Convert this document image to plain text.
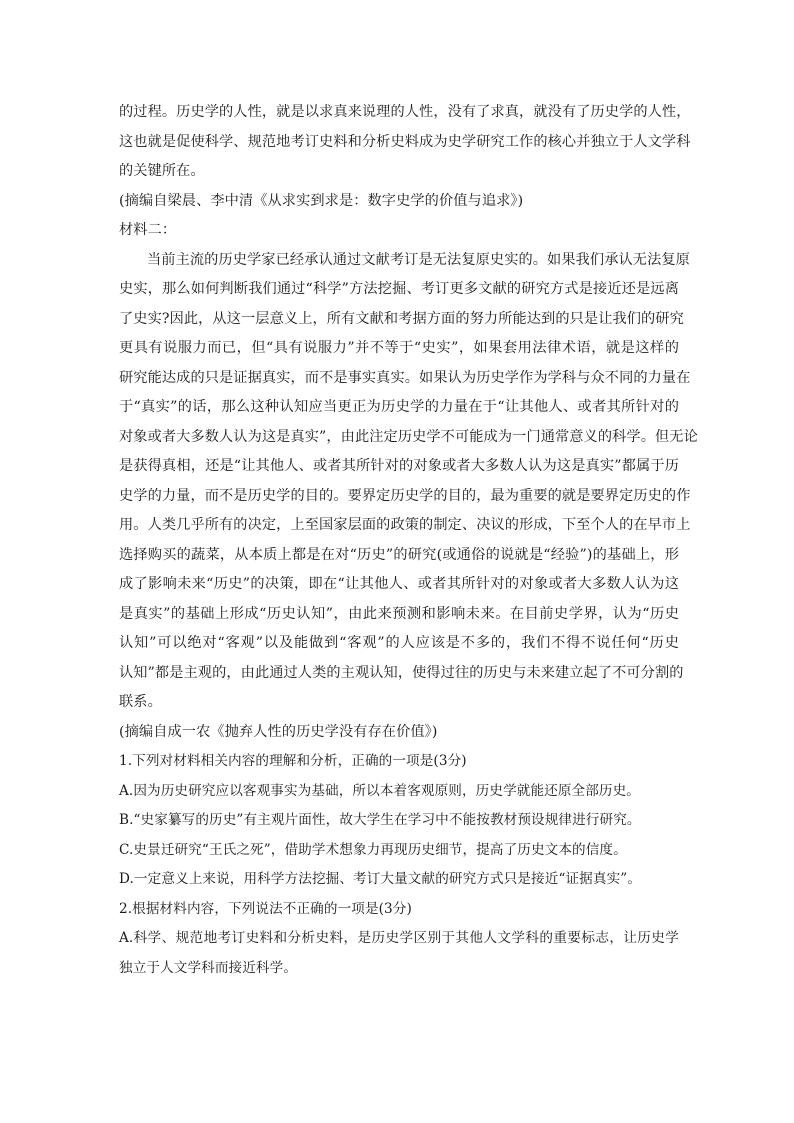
的过程。历史学的人性，就是以求真来说理的人性，没有了求真，就没有了历史学的人性，
这也就是促使科学、规范地考订史料和分析史料成为史学研究工作的核心并独立于人文学科
的关键所在。
(摘编自梁晨、李中清《从求实到求是：数字史学的价值与追求》)
材料二：
当前主流的历史学家已经承认通过文献考订是无法复原史实的。如果我们承认无法复原
史实，那么如何判断我们通过“科学”方法挖掘、考订更多文献的研究方式是接近还是远离
了史实?因此，从这一层意义上，所有文献和考据方面的努力所能达到的只是让我们的研究
更具有说服力而已，但“具有说服力”并不等于“史实”，如果套用法律术语，就是这样的
研究能达成的只是证据真实，而不是事实真实。如果认为历史学作为学科与众不同的力量在
于“真实”的话，那么这种认知应当更正为历史学的力量在于“让其他人、或者其所针对的
对象或者大多数人认为这是真实”，由此注定历史学不可能成为一门通常意义的科学。但无论
是获得真相，还是“让其他人、或者其所针对的对象或者大多数人认为这是真实”都属于历
史学的力量，而不是历史学的目的。要界定历史学的目的，最为重要的就是要界定历史的作
用。人类几乎所有的决定，上至国家层面的政策的制定、决议的形成，下至个人的在早市上
选择购买的蔬菜，从本质上都是在对“历史”的研究(或通俗的说就是“经验”)的基础上，形
成了影响未来“历史”的决策，即在“让其他人、或者其所针对的对象或者大多数人认为这
是真实”的基础上形成“历史认知”，由此来预测和影响未来。在目前史学界，认为“历史
认知”可以绝对“客观”以及能做到“客观”的人应该是不多的，我们不得不说任何“历史
认知”都是主观的，由此通过人类的主观认知，使得过往的历史与未来建立起了不可分割的
联系。
(摘编自成一农《抛弃人性的历史学没有存在价值》)
1.下列对材料相关内容的理解和分析，正确的一项是(3分)
A.因为历史研究应以客观事实为基础，所以本着客观原则，历史学就能还原全部历史。
B.“史家纂写的历史”有主观片面性，故大学生在学习中不能按教材预设规律进行研究。
C.史景迁研究“王氏之死”，借助学术想象力再现历史细节，提高了历史文本的信度。
D.一定意义上来说，用科学方法挖掘、考订大量文献的研究方式只是接近“证据真实”。
2.根据材料内容，下列说法不正确的一项是(3分)
A.科学、规范地考订史料和分析史料，是历史学区别于其他人文学科的重要标志，让历史学
独立于人文学科而接近科学。
